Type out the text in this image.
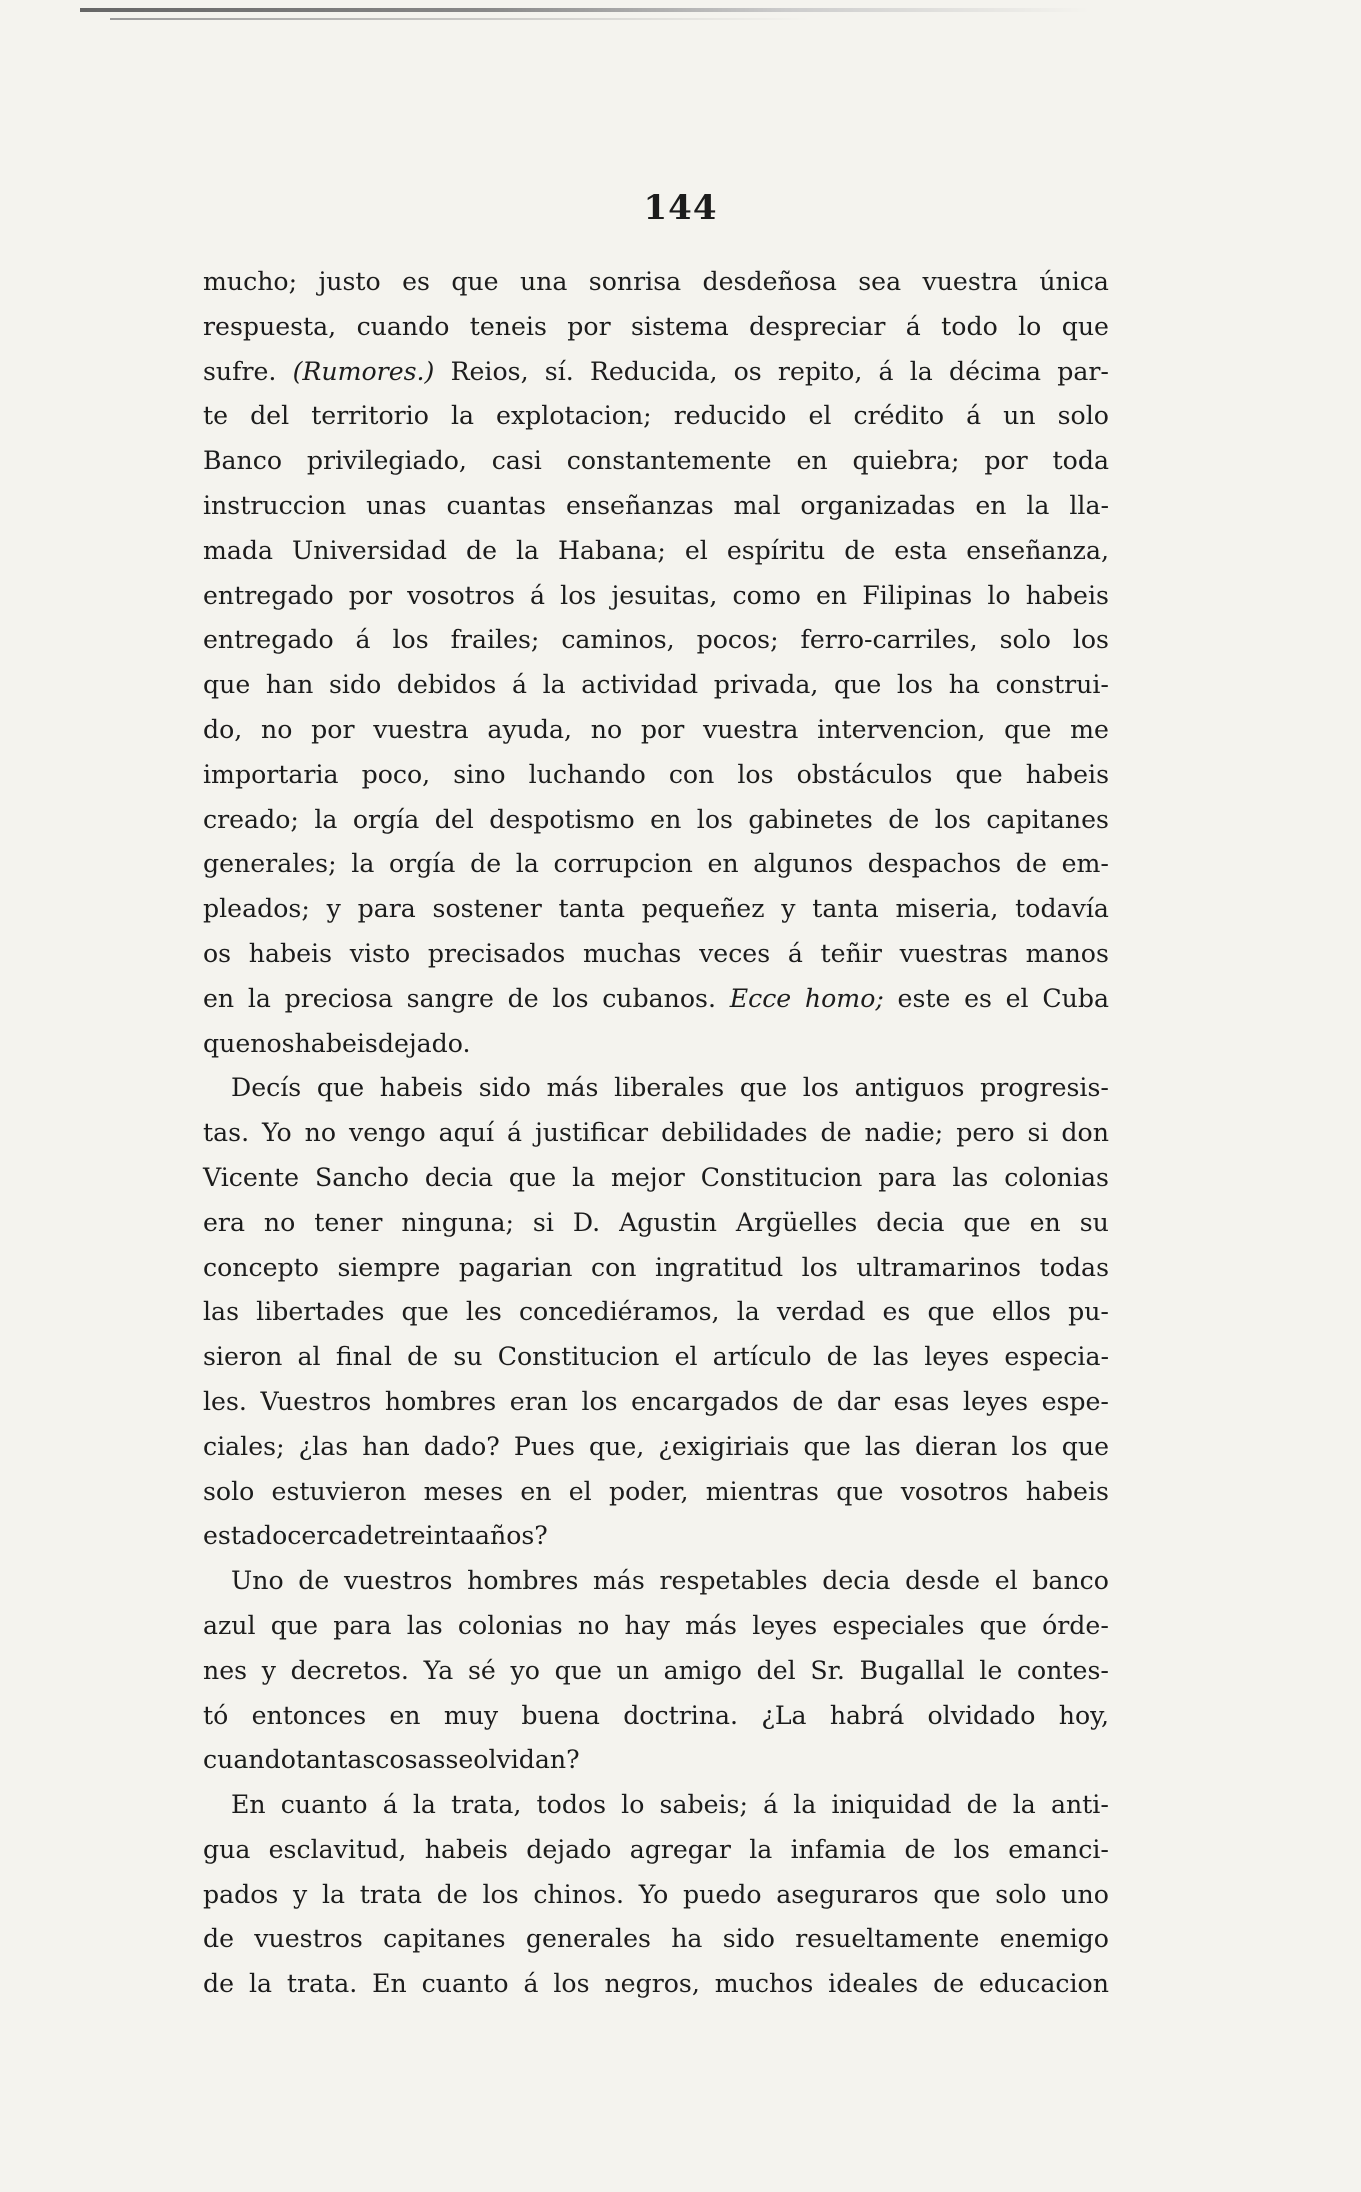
144
mucho; justo es que una sonrisa desdeñosa sea vuestra única
respuesta, cuando teneis por sistema despreciar á todo lo que
sufre. (Rumores.) Reios, sí. Reducida, os repito, á la décima par-
te del territorio la explotacion; reducido el crédito á un solo
Banco privilegiado, casi constantemente en quiebra; por toda
instruccion unas cuantas enseñanzas mal organizadas en la lla-
mada Universidad de la Habana; el espíritu de esta enseñanza,
entregado por vosotros á los jesuitas, como en Filipinas lo habeis
entregado á los frailes; caminos, pocos; ferro-carriles, solo los
que han sido debidos á la actividad privada, que los ha construi-
do, no por vuestra ayuda, no por vuestra intervencion, que me
importaria poco, sino luchando con los obstáculos que habeis
creado; la orgía del despotismo en los gabinetes de los capitanes
generales; la orgía de la corrupcion en algunos despachos de em-
pleados; y para sostener tanta pequeñez y tanta miseria, todavía
os habeis visto precisados muchas veces á teñir vuestras manos
en la preciosa sangre de los cubanos. Ecce homo; este es el Cuba
que nos habeis dejado.
Decís que habeis sido más liberales que los antiguos progresis-
tas. Yo no vengo aquí á justificar debilidades de nadie; pero si don
Vicente Sancho decia que la mejor Constitucion para las colonias
era no tener ninguna; si D. Agustin Argüelles decia que en su
concepto siempre pagarian con ingratitud los ultramarinos todas
las libertades que les concediéramos, la verdad es que ellos pu-
sieron al final de su Constitucion el artículo de las leyes especia-
les. Vuestros hombres eran los encargados de dar esas leyes espe-
ciales; ¿las han dado? Pues que, ¿exigiriais que las dieran los que
solo estuvieron meses en el poder, mientras que vosotros habeis
estado cerca de treinta años?
Uno de vuestros hombres más respetables decia desde el banco
azul que para las colonias no hay más leyes especiales que órde-
nes y decretos. Ya sé yo que un amigo del Sr. Bugallal le contes-
tó entonces en muy buena doctrina. ¿La habrá olvidado hoy,
cuando tantas cosas se olvidan?
En cuanto á la trata, todos lo sabeis; á la iniquidad de la anti-
gua esclavitud, habeis dejado agregar la infamia de los emanci-
pados y la trata de los chinos. Yo puedo aseguraros que solo uno
de vuestros capitanes generales ha sido resueltamente enemigo
de la trata. En cuanto á los negros, muchos ideales de educacion
